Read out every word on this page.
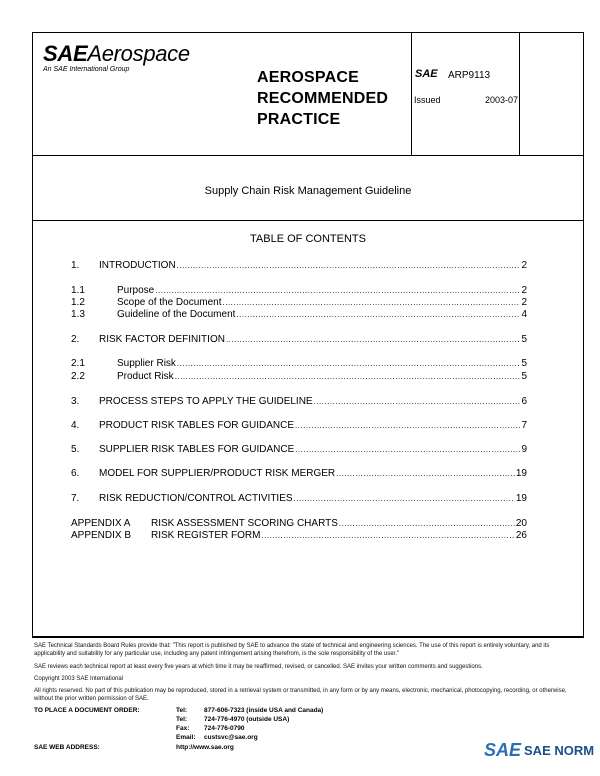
SAEAerospace
An SAE International Group	AEROSPACE
RECOMMENDED
PRACTICE
SAE ARP9113
Issued	2003-07
Supply Chain Risk Management Guideline
TABLE OF CONTENTS
1.	INTRODUCTION .....	2
1.1	Purpose .....	2
1.2	Scope of the Document .....	2
1.3	Guideline of the Document .....	4
2.	RISK FACTOR DEFINITION .....	5
2.1	Supplier Risk .....	5
2.2	Product Risk .....	5
3.	PROCESS STEPS TO APPLY THE GUIDELINE .....	6
4.	PRODUCT RISK TABLES FOR GUIDANCE .....	7
5.	SUPPLIER RISK TABLES FOR GUIDANCE .....	9
6.	MODEL FOR SUPPLIER/PRODUCT RISK MERGER .....	19
7.	RISK REDUCTION/CONTROL ACTIVITIES .....	19
APPENDIX A	RISK ASSESSMENT SCORING CHARTS .....	20
APPENDIX B	RISK REGISTER FORM .....	26
SAE Technical Standards Board Rules provide that: "This report is published by SAE to advance the state of technical and engineering sciences. The use of this report is entirely voluntary, and its applicability and suitability for any particular use, including any patent infringement arising therefrom, is the sole responsibility of the user."
SAE reviews each technical report at least every five years at which time it may be reaffirmed, revised, or cancelled. SAE invites your written comments and suggestions.
Copyright 2003 SAE International
All rights reserved. No part of this publication may be reproduced, stored in a retrieval system or transmitted, in any form or by any means, electronic, mechanical, photocopying, recording, or otherwise, without the prior written permission of SAE.
TO PLACE A DOCUMENT ORDER:	Tel:	877-606-7323 (inside USA and Canada)
Tel:	724-776-4970 (outside USA)
Fax: 724-776-0790
Email: custsvc@sae.org
SAE WEB ADDRESS:	http://www.sae.org	SAE SAE NORM
